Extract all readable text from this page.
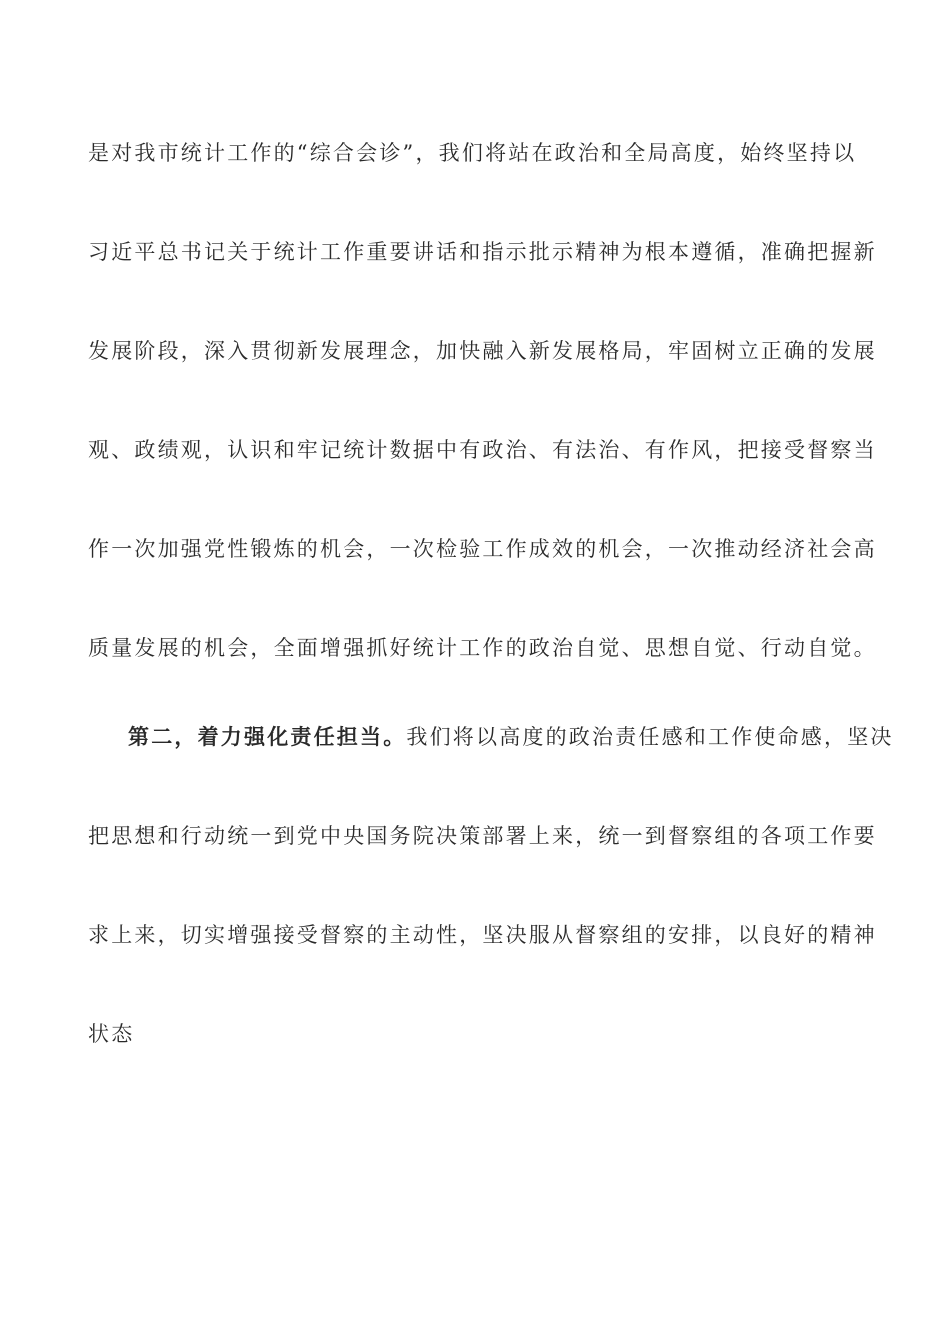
是对我市统计工作的“综合会诊”，我们将站在政治和全局高度，始终坚持以
习近平总书记关于统计工作重要讲话和指示批示精神为根本遵循，准确把握新
发展阶段，深入贯彻新发展理念，加快融入新发展格局，牢固树立正确的发展
观、政绩观，认识和牢记统计数据中有政治、有法治、有作风，把接受督察当
作一次加强党性锻炼的机会，一次检验工作成效的机会，一次推动经济社会高
质量发展的机会，全面增强抓好统计工作的政治自觉、思想自觉、行动自觉。
第二，着力强化责任担当。我们将以高度的政治责任感和工作使命感，坚决
把思想和行动统一到党中央国务院决策部署上来，统一到督察组的各项工作要
求上来，切实增强接受督察的主动性，坚决服从督察组的安排，以良好的精神
状态
